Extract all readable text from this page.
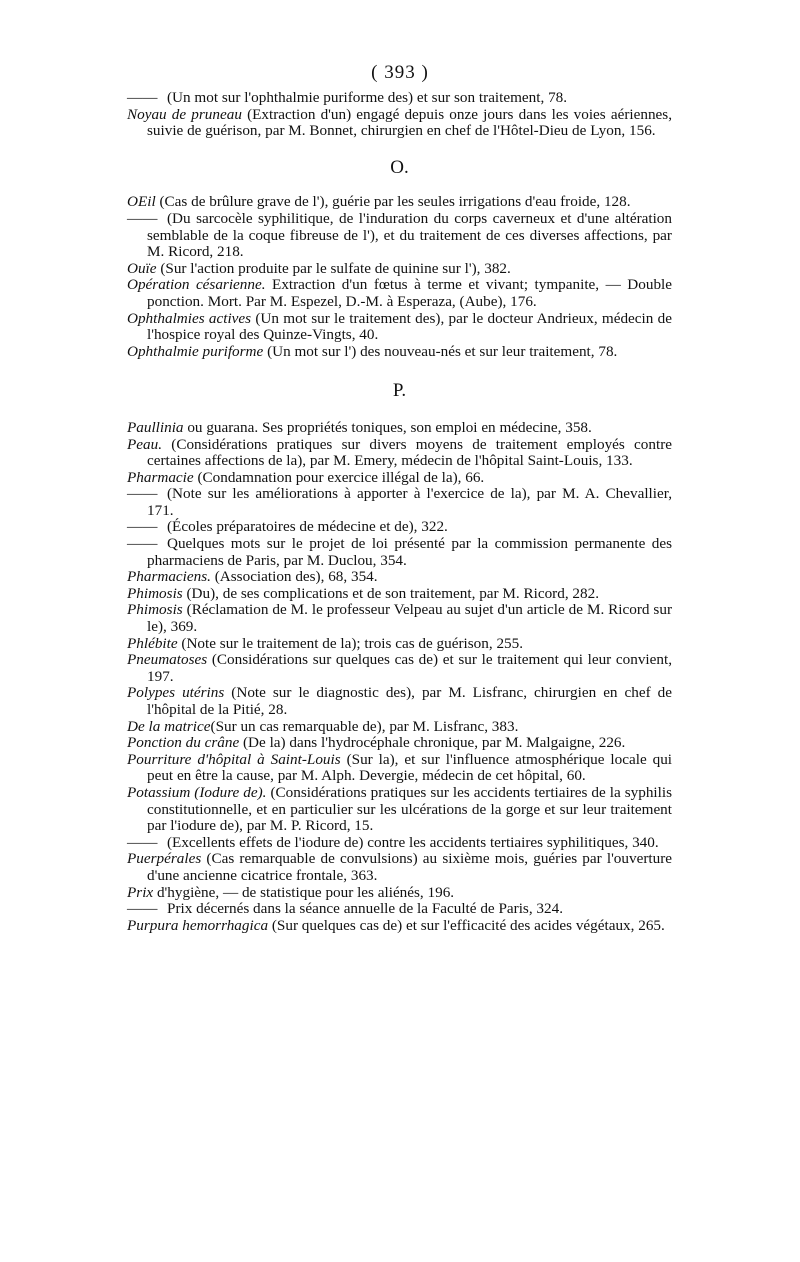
( 393 )

—— (Un mot sur l'ophthalmie puriforme des) et sur son traitement, 78.

Noyau de pruneau (Extraction d'un) engagé depuis onze jours dans les voies aériennes, suivie de guérison, par M. Bonnet, chirurgien en chef de l'Hôtel-Dieu de Lyon, 156.

O.

OEil (Cas de brûlure grave de l'), guérie par les seules irrigations d'eau froide, 128.

—— (Du sarcocèle syphilitique, de l'induration du corps caverneux et d'une altération semblable de la coque fibreuse de l'), et du traitement de ces diverses affections, par M. Ricord, 218.

Ouïe (Sur l'action produite par le sulfate de quinine sur l'), 382.

Opération césarienne. Extraction d'un fœtus à terme et vivant; tympanite, — Double ponction. Mort. Par M. Espezel, D.-M. à Esperaza, (Aube), 176.

Ophthalmies actives (Un mot sur le traitement des), par le docteur Andrieux, médecin de l'hospice royal des Quinze-Vingts, 40.

Ophthalmie puriforme (Un mot sur l') des nouveau-nés et sur leur traitement, 78.

P.

Paullinia ou guarana. Ses propriétés toniques, son emploi en médecine, 358.

Peau. (Considérations pratiques sur divers moyens de traitement employés contre certaines affections de la), par M. Emery, médecin de l'hôpital Saint-Louis, 133.

Pharmacie (Condamnation pour exercice illégal de la), 66.

—— (Note sur les améliorations à apporter à l'exercice de la), par M. A. Chevallier, 171.

—— (Écoles préparatoires de médecine et de), 322.

—— Quelques mots sur le projet de loi présenté par la commission permanente des pharmaciens de Paris, par M. Duclou, 354.

Pharmaciens. (Association des), 68, 354.

Phimosis (Du), de ses complications et de son traitement, par M. Ricord, 282.

Phimosis (Réclamation de M. le professeur Velpeau au sujet d'un article de M. Ricord sur le), 369.

Phlébite (Note sur le traitement de la); trois cas de guérison, 255.

Pneumatoses (Considérations sur quelques cas de) et sur le traitement qui leur convient, 197.

Polypes utérins (Note sur le diagnostic des), par M. Lisfranc, chirurgien en chef de l'hôpital de la Pitié, 28.

De la matrice(Sur un cas remarquable de), par M. Lisfranc, 383.

Ponction du crâne (De la) dans l'hydrocéphale chronique, par M. Malgaigne, 226.

Pourriture d'hôpital à Saint-Louis (Sur la), et sur l'influence atmosphérique locale qui peut en être la cause, par M. Alph. Devergie, médecin de cet hôpital, 60.

Potassium (Iodure de). (Considérations pratiques sur les accidents tertiaires de la syphilis constitutionnelle, et en particulier sur les ulcérations de la gorge et sur leur traitement par l'iodure de), par M. P. Ricord, 15.

—— (Excellents effets de l'iodure de) contre les accidents tertiaires syphilitiques, 340.

Puerpérales (Cas remarquable de convulsions) au sixième mois, guéries par l'ouverture d'une ancienne cicatrice frontale, 363.

Prix d'hygiène, — de statistique pour les aliénés, 196.

—— Prix décernés dans la séance annuelle de la Faculté de Paris, 324.

Purpura hemorrhagica (Sur quelques cas de) et sur l'efficacité des acides végétaux, 265.
